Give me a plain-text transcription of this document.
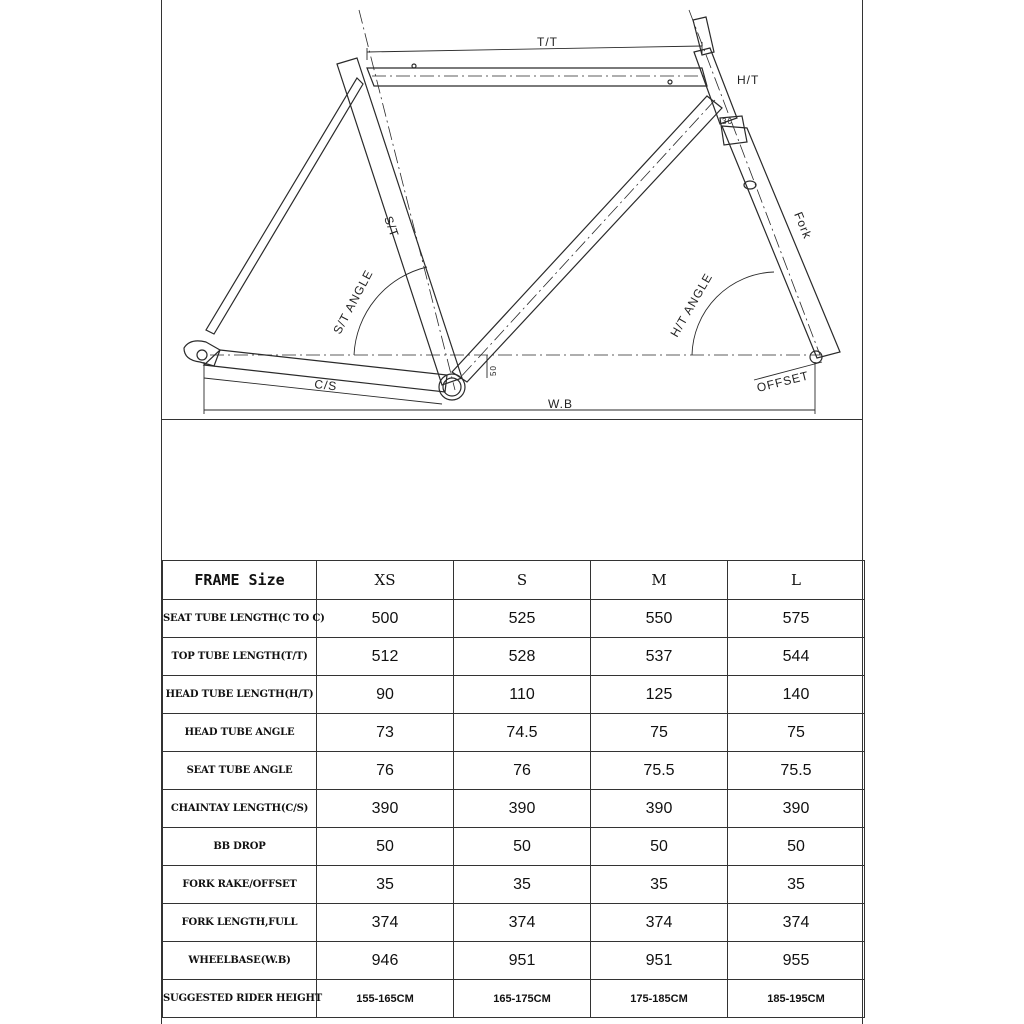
T/T
H/T
S/T	Fork
S/T ANGLE	H/T ANGLE
C/S
W.B
OFFSET
50
30
FRAME Size	XS	S	M	L
SEAT TUBE LENGTH(C TO C)	500	525	550	575
TOP TUBE LENGTH(T/T)	512	528	537	544
HEAD TUBE LENGTH(H/T)	90	110	125	140
HEAD TUBE ANGLE	73	74.5	75	75
SEAT TUBE ANGLE	76	76	75.5	75.5
CHAINTAY LENGTH(C/S)	390	390	390	390
BB DROP	50	50	50	50
FORK RAKE/OFFSET	35	35	35	35
FORK LENGTH,FULL	374	374	374	374
WHEELBASE(W.B)	946	951	951	955
SUGGESTED RIDER HEIGHT	155-165CM	165-175CM	175-185CM	185-195CM
